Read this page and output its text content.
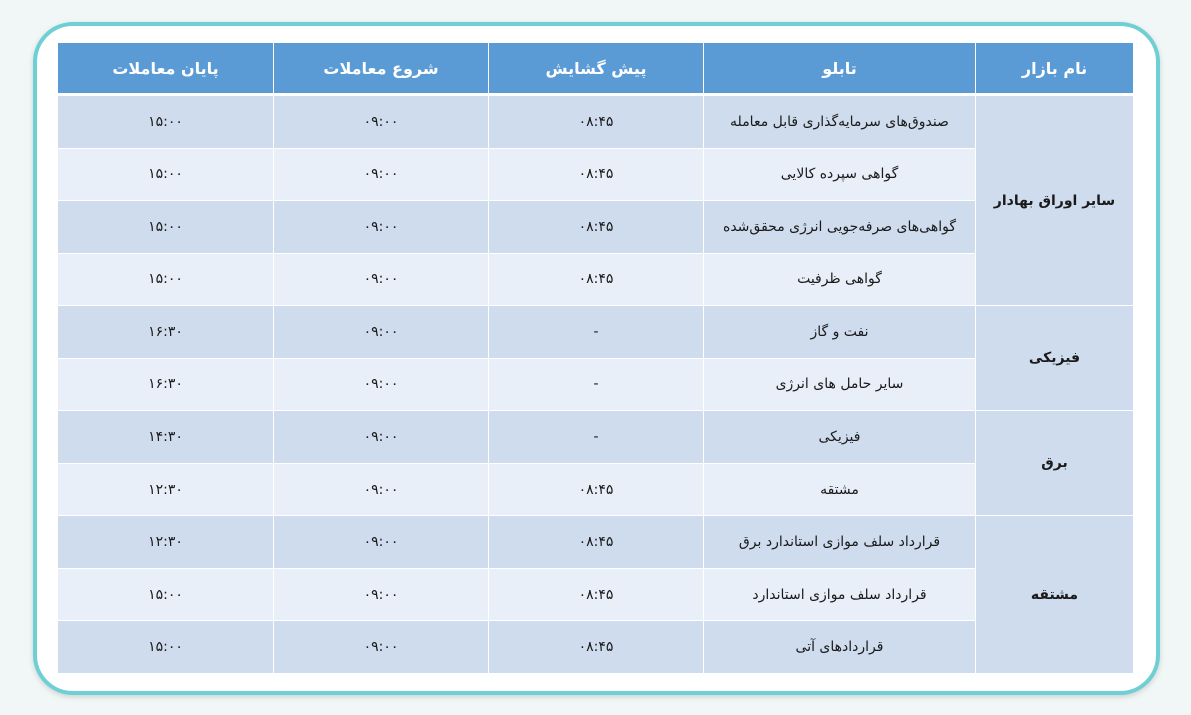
نام بازار	تابلو	پیش گشایش	شروع معاملات	پایان معاملات
سایر اوراق بهادار	صندوق‌های سرمایه‌گذاری قابل معامله	۰۸:۴۵	۰۹:۰۰	۱۵:۰۰
	گواهی سپرده کالایی	۰۸:۴۵	۰۹:۰۰	۱۵:۰۰
	گواهی‌های صرفه‌جویی انرژی محقق‌شده	۰۸:۴۵	۰۹:۰۰	۱۵:۰۰
	گواهی ظرفیت	۰۸:۴۵	۰۹:۰۰	۱۵:۰۰
فیزیکی	نفت و گاز	-	۰۹:۰۰	۱۶:۳۰
	سایر حامل های انرژی	-	۰۹:۰۰	۱۶:۳۰
برق	فیزیکی	-	۰۹:۰۰	۱۴:۳۰
	مشتقه	۰۸:۴۵	۰۹:۰۰	۱۲:۳۰
مشتقه	قرارداد سلف موازی استاندارد برق	۰۸:۴۵	۰۹:۰۰	۱۲:۳۰
	قرارداد سلف موازی استاندارد	۰۸:۴۵	۰۹:۰۰	۱۵:۰۰
	قراردادهای آتی	۰۸:۴۵	۰۹:۰۰	۱۵:۰۰
